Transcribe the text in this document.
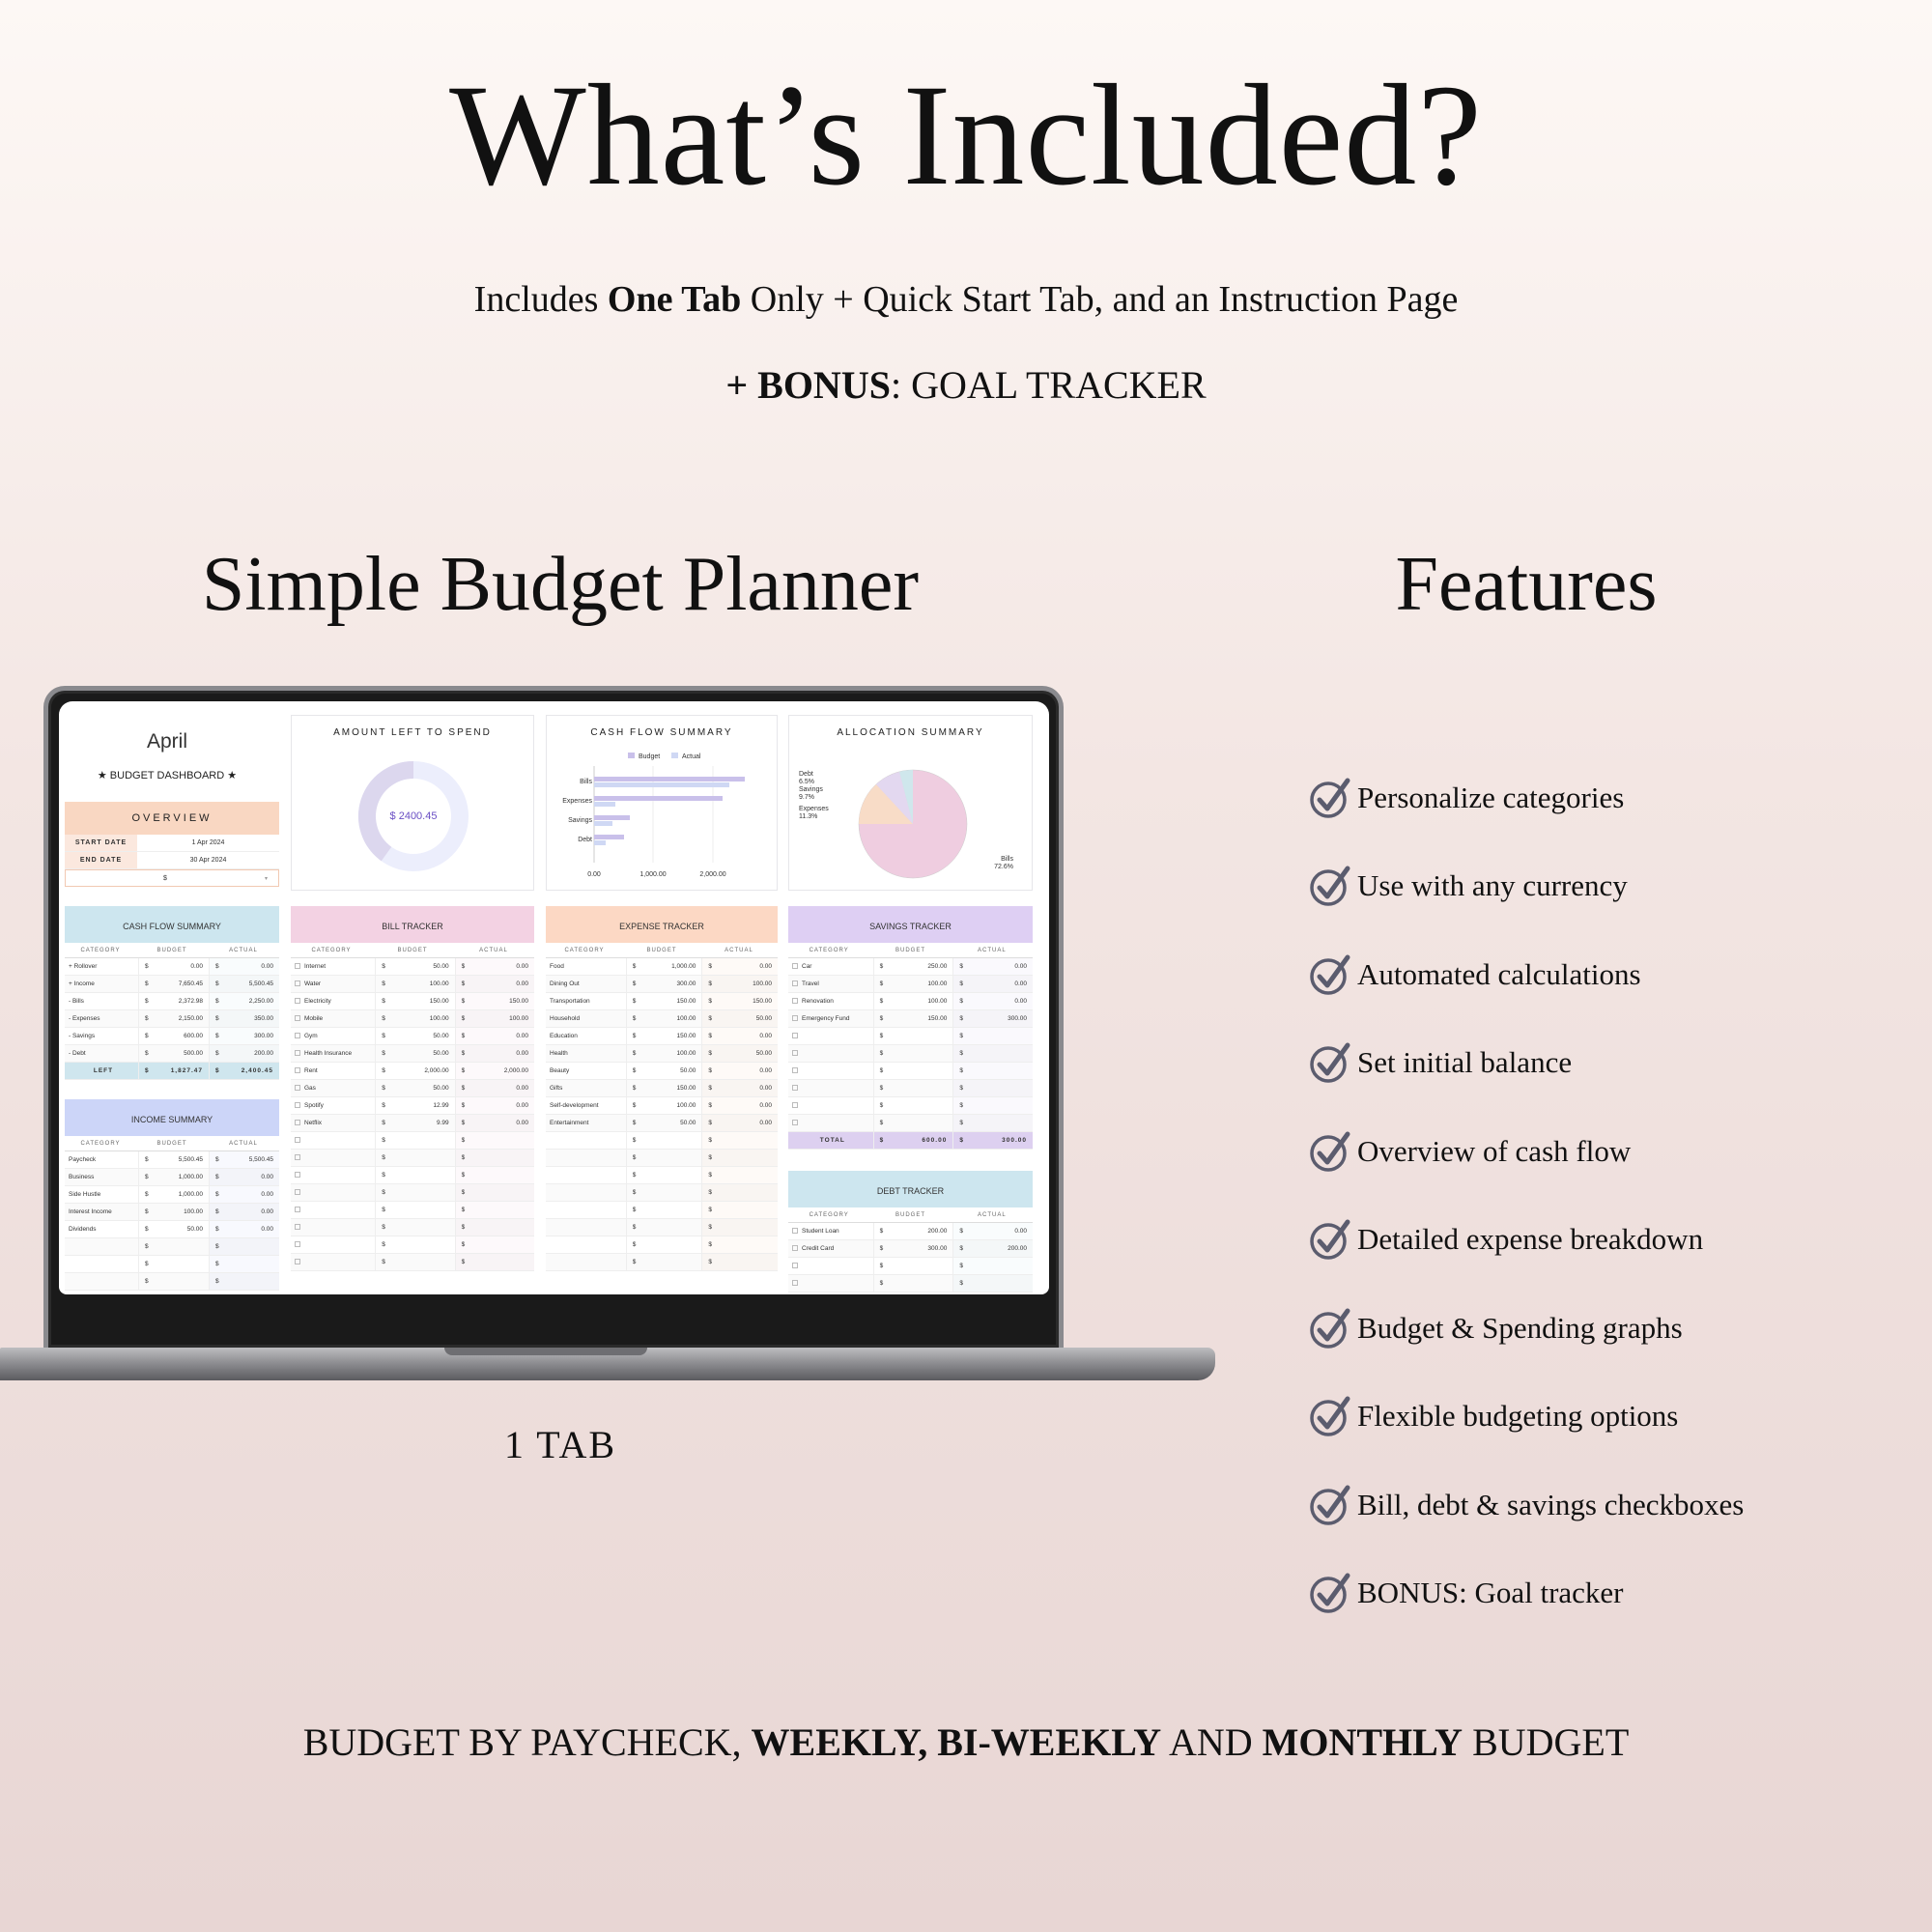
What’s Included?
Includes One Tab Only + Quick Start Tab, and an Instruction Page
+ BONUS: GOAL TRACKER
Simple Budget Planner	Features
April
★ BUDGET DASHBOARD ★
OVERVIEW
START DATE	1 Apr 2024
END DATE	30 Apr 2024
$	▾
AMOUNT LEFT TO SPEND
$ 2400.45
CASH FLOW SUMMARY
Budget	Actual
Bills
Expenses
Savings
Debt
0.00	1,000.00	2,000.00
ALLOCATION SUMMARY
Debt
6.5%
Savings
9.7%
Expenses
11.3%
Bills
72.6%
CASH FLOW SUMMARY
CATEGORY	BUDGET	ACTUAL
+ Rollover	$	0.00 $	0.00
+ Income	$	7,650.45 $	5,500.45
- Bills	$	2,372.98 $	2,250.00
- Expenses	$	2,150.00 $	350.00
- Savings	$	600.00 $	300.00
- Debt	$	500.00 $	200.00
LEFT	$	1,827.47 $	2,400.45
INCOME SUMMARY
CATEGORY	BUDGET	ACTUAL
Paycheck	$	5,500.45 $	5,500.45
Business	$	1,000.00 $	0.00
Side Hustle	$	1,000.00 $	0.00
Interest Income	$	100.00 $	0.00
Dividends	$	50.00 $	0.00
$	$
$	$
$	$
BILL TRACKER
CATEGORY	BUDGET	ACTUAL
Internet	$	50.00 $	0.00
Water	$	100.00 $	0.00
Electricity	$	150.00 $	150.00
Mobile	$	100.00 $	100.00
Gym	$	50.00 $	0.00
Health Insurance	$	50.00 $	0.00
Rent	$	2,000.00 $	2,000.00
Gas	$	50.00 $	0.00
Spotify	$	12.99 $	0.00
Netflix	$	9.99 $	0.00
$	$
$	$
$	$
$	$
$	$
$	$
$	$
$	$
EXPENSE TRACKER
CATEGORY	BUDGET	ACTUAL
Food	$	1,000.00 $	0.00
Dining Out	$	300.00 $	100.00
Transportation	$	150.00 $	150.00
Household	$	100.00 $	50.00
Education	$	150.00 $	0.00
Health	$	100.00 $	50.00
Beauty	$	50.00 $	0.00
Gifts	$	150.00 $	0.00
Self-development	$	100.00 $	0.00
Entertainment	$	50.00 $	0.00
$	$
$	$
$	$
$	$
$	$
$	$
$	$
$	$
SAVINGS TRACKER
CATEGORY	BUDGET	ACTUAL
Car	$	250.00 $	0.00
Travel	$	100.00 $	0.00
Renovation	$	100.00 $	0.00
Emergency Fund	$	150.00 $	300.00
$	$
$	$
$	$
$	$
$	$
$	$
TOTAL	$	600.00 $	300.00
DEBT TRACKER
CATEGORY	BUDGET	ACTUAL
Student Loan	$	200.00 $	0.00
Credit Card	$	300.00 $	200.00
$	$
$	$
1 TAB
Personalize categories
Use with any currency
Automated calculations
Set initial balance
Overview of cash flow
Detailed expense breakdown
Budget & Spending graphs
Flexible budgeting options
Bill, debt & savings checkboxes
BONUS: Goal tracker
BUDGET BY PAYCHECK, WEEKLY, BI-WEEKLY AND MONTHLY BUDGET
